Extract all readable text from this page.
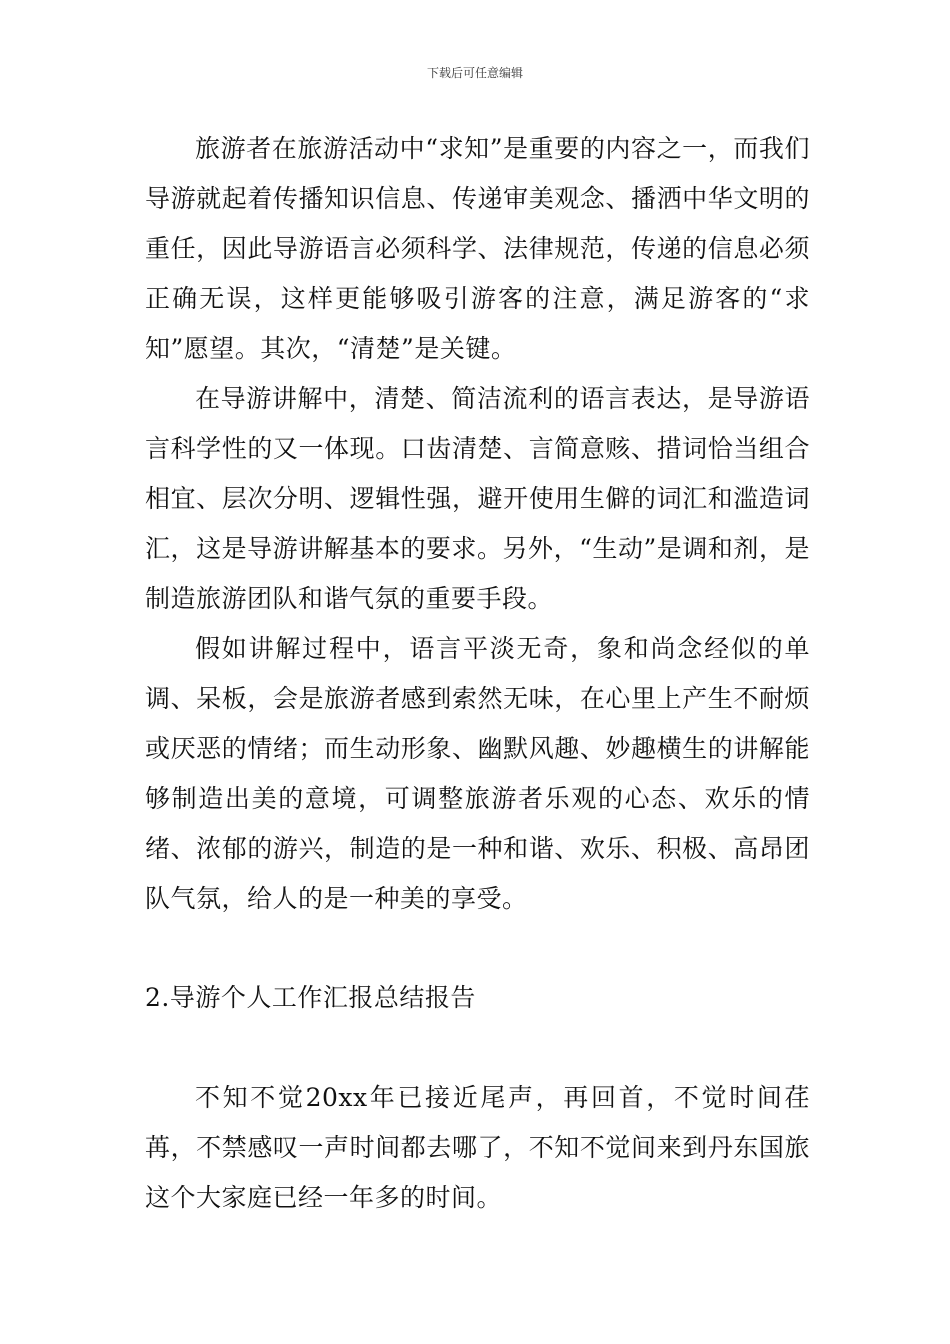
下载后可任意编辑

旅游者在旅游活动中“求知”是重要的内容之一，而我们导游就起着传播知识信息、传递审美观念、播洒中华文明的重任，因此导游语言必须科学、法律规范，传递的信息必须正确无误，这样更能够吸引游客的注意，满足游客的“求知”愿望。其次，“清楚”是关键。

在导游讲解中，清楚、简洁流利的语言表达，是导游语言科学性的又一体现。口齿清楚、言简意赅、措词恰当组合相宜、层次分明、逻辑性强，避开使用生僻的词汇和滥造词汇，这是导游讲解基本的要求。另外，“生动”是调和剂，是制造旅游团队和谐气氛的重要手段。

假如讲解过程中，语言平淡无奇，象和尚念经似的单调、呆板，会是旅游者感到索然无味，在心里上产生不耐烦或厌恶的情绪；而生动形象、幽默风趣、妙趣横生的讲解能够制造出美的意境，可调整旅游者乐观的心态、欢乐的情绪、浓郁的游兴，制造的是一种和谐、欢乐、积极、高昂团队气氛，给人的是一种美的享受。

2.导游个人工作汇报总结报告

不知不觉20xx年已接近尾声，再回首，不觉时间荏苒，不禁感叹一声时间都去哪了，不知不觉间来到丹东国旅这个大家庭已经一年多的时间。
